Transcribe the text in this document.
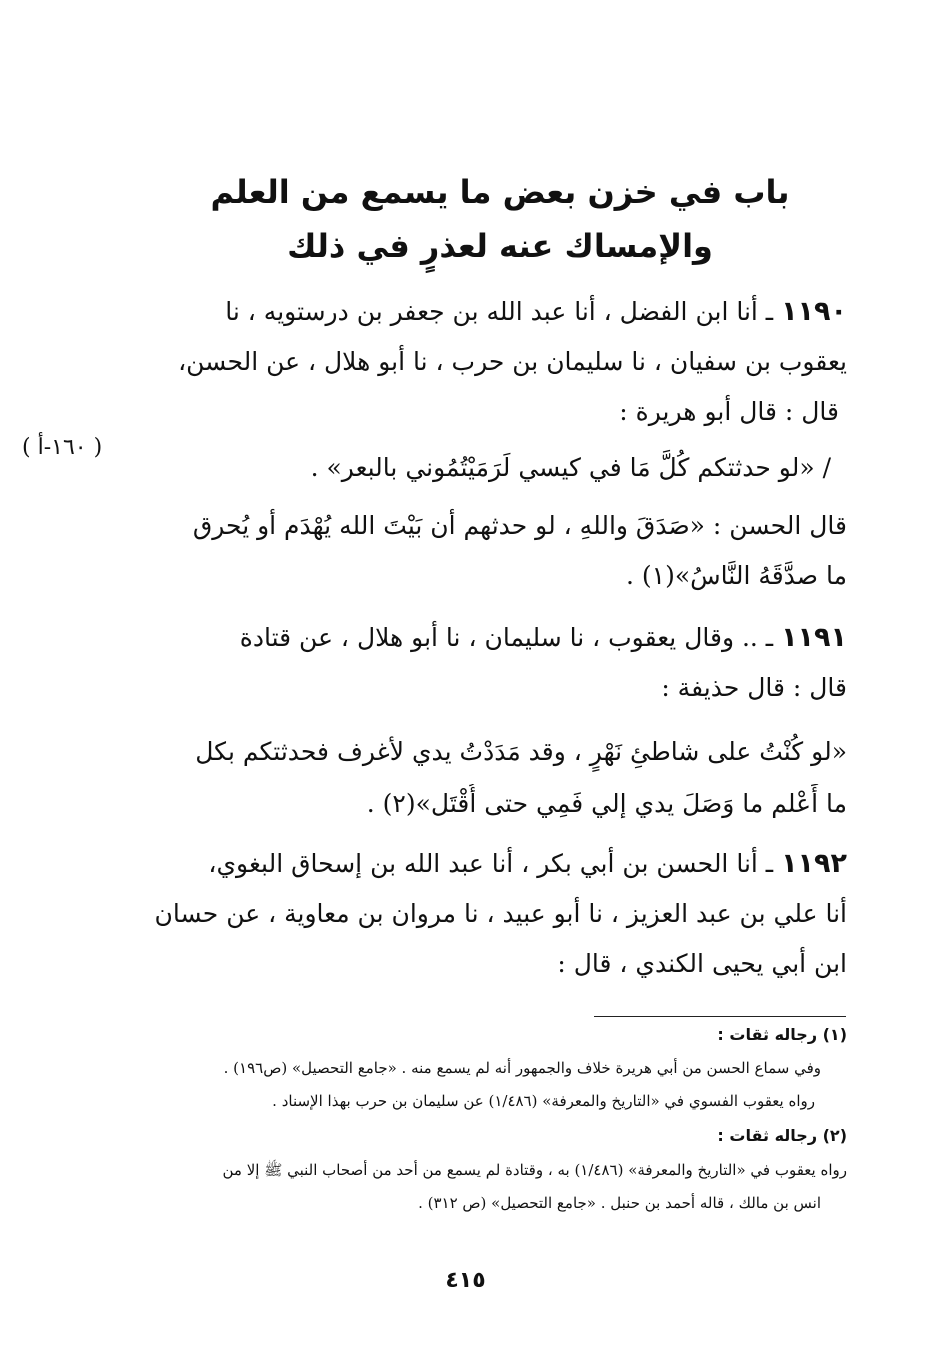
باب في خزن بعض ما يسمع من العلم
والإمساك عنه لعذرٍ في ذلك
١١٩٠ ـ أنا ابن الفضل ، أنا عبد الله بن جعفر بن درستويه ، نا
يعقوب بن سفيان ، نا سليمان بن حرب ، نا أبو هلال ، عن الحسن،
قال : قال أبو هريرة :
/ «لو حدثتكم كُلَّ مَا في كيسي لَرَمَيْتُمُوني بالبعر» .
( ١٦٠-أ )
قال الحسن : «صَدَقَ واللهِ ، لو حدثهم أن بَيْتَ الله يُهْدَم أو يُحرق
ما صدَّقَهُ النَّاسُ»(١) .
١١٩١ ـ .. وقال يعقوب ، نا سليمان ، نا أبو هلال ، عن قتادة
قال : قال حذيفة :
«لو كُنْتُ على شاطئِ نَهْرٍ ، وقد مَدَدْتُ يدي لأغرف فحدثتكم بكل
ما أَعْلم ما وَصَلَ يدي إلي فَمِي حتى أُقْتَل»(٢) .
١١٩٢ ـ أنا الحسن بن أبي بكر ، أنا عبد الله بن إسحاق البغوي،
أنا علي بن عبد العزيز ، نا أبو عبيد ، نا مروان بن معاوية ، عن حسان
ابن أبي يحيى الكندي ، قال :
(١) رجاله ثقات :
وفي سماع الحسن من أبي هريرة خلاف والجمهور أنه لم يسمع منه . «جامع التحصيل» (ص١٩٦) .
رواه يعقوب الفسوي في «التاريخ والمعرفة» (١/٤٨٦) عن سليمان بن حرب بهذا الإسناد .
(٢) رجاله ثقات :
رواه يعقوب في «التاريخ والمعرفة» (١/٤٨٦) به ، وقتادة لم يسمع من أحد من أصحاب النبي ﷺ إلا من
انس بن مالك ، قاله أحمد بن حنبل . «جامع التحصيل» (ص ٣١٢) .
٤١٥
